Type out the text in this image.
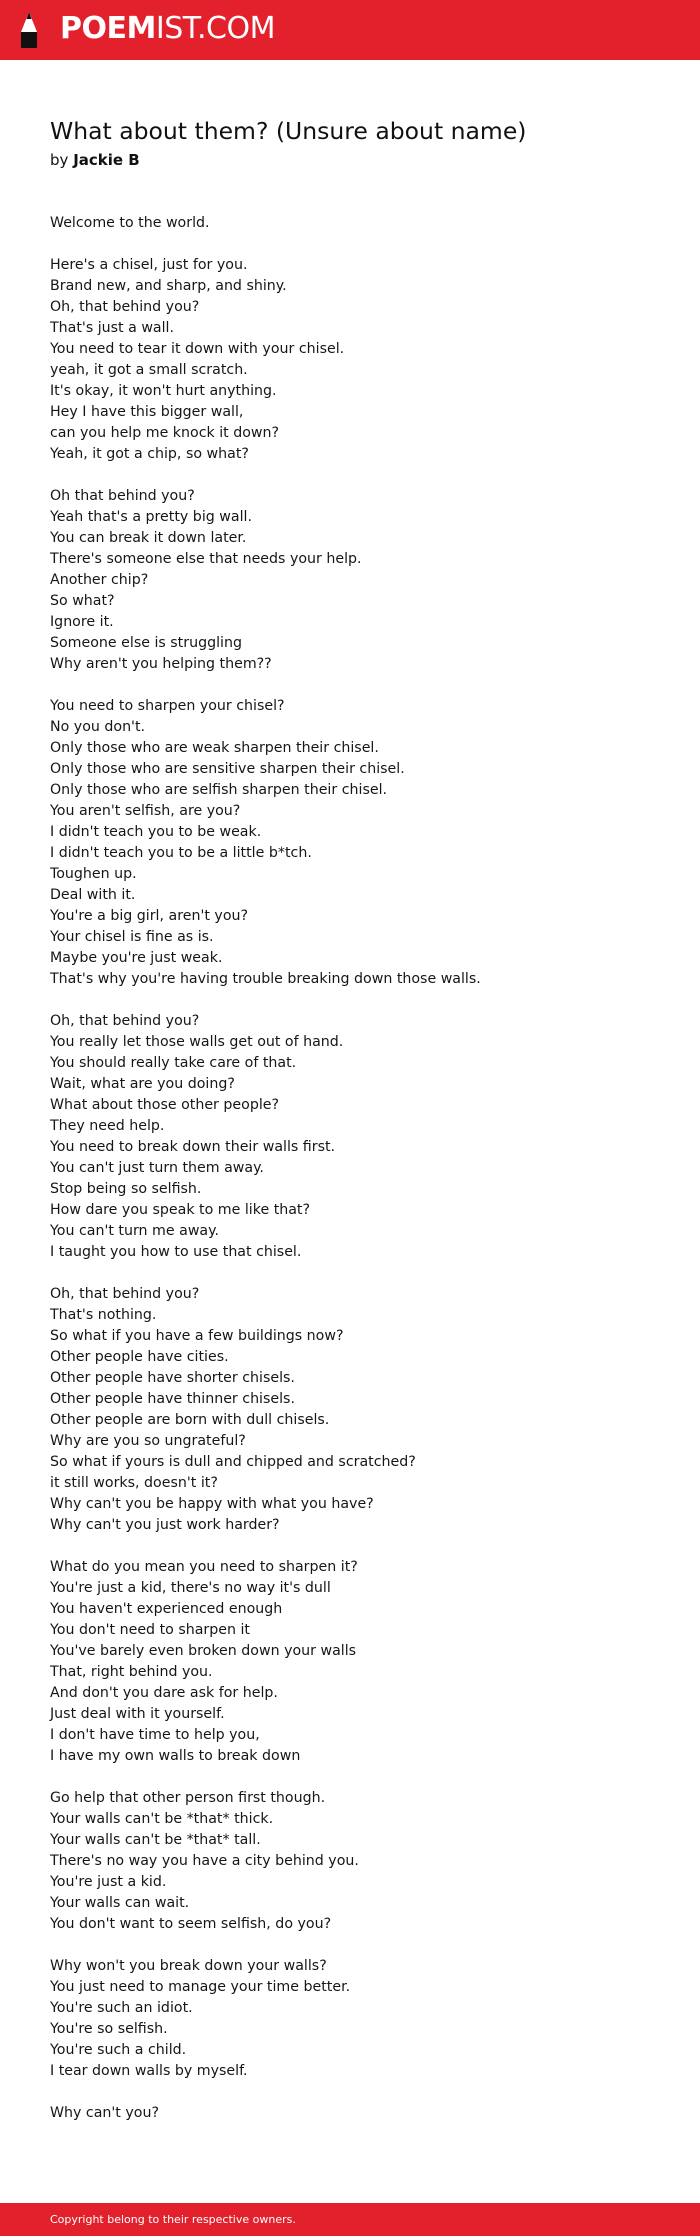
POEMIST.COM
What about them? (Unsure about name)
by Jackie B
Welcome to the world.
Here's a chisel, just for you.
Brand new, and sharp, and shiny.
Oh, that behind you?
That's just a wall.
You need to tear it down with your chisel.
yeah, it got a small scratch.
It's okay, it won't hurt anything.
Hey I have this bigger wall,
can you help me knock it down?
Yeah, it got a chip, so what?
Oh that behind you?
Yeah that's a pretty big wall.
You can break it down later.
There's someone else that needs your help.
Another chip?
So what?
Ignore it.
Someone else is struggling
Why aren't you helping them??
You need to sharpen your chisel?
No you don't.
Only those who are weak sharpen their chisel.
Only those who are sensitive sharpen their chisel.
Only those who are selfish sharpen their chisel.
You aren't selfish, are you?
I didn't teach you to be weak.
I didn't teach you to be a little b*tch.
Toughen up.
Deal with it.
You're a big girl, aren't you?
Your chisel is fine as is.
Maybe you're just weak.
That's why you're having trouble breaking down those walls.
Oh, that behind you?
You really let those walls get out of hand.
You should really take care of that.
Wait, what are you doing?
What about those other people?
They need help.
You need to break down their walls first.
You can't just turn them away.
Stop being so selfish.
How dare you speak to me like that?
You can't turn me away.
I taught you how to use that chisel.
Oh, that behind you?
That's nothing.
So what if you have a few buildings now?
Other people have cities.
Other people have shorter chisels.
Other people have thinner chisels.
Other people are born with dull chisels.
Why are you so ungrateful?
So what if yours is dull and chipped and scratched?
it still works, doesn't it?
Why can't you be happy with what you have?
Why can't you just work harder?
What do you mean you need to sharpen it?
You're just a kid, there's no way it's dull
You haven't experienced enough
You don't need to sharpen it
You've barely even broken down your walls
That, right behind you.
And don't you dare ask for help.
Just deal with it yourself.
I don't have time to help you,
I have my own walls to break down
Go help that other person first though.
Your walls can't be *that* thick.
Your walls can't be *that* tall.
There's no way you have a city behind you.
You're just a kid.
Your walls can wait.
You don't want to seem selfish, do you?
Why won't you break down your walls?
You just need to manage your time better.
You're such an idiot.
You're so selfish.
You're such a child.
I tear down walls by myself.
Why can't you?
Copyright belong to their respective owners.
